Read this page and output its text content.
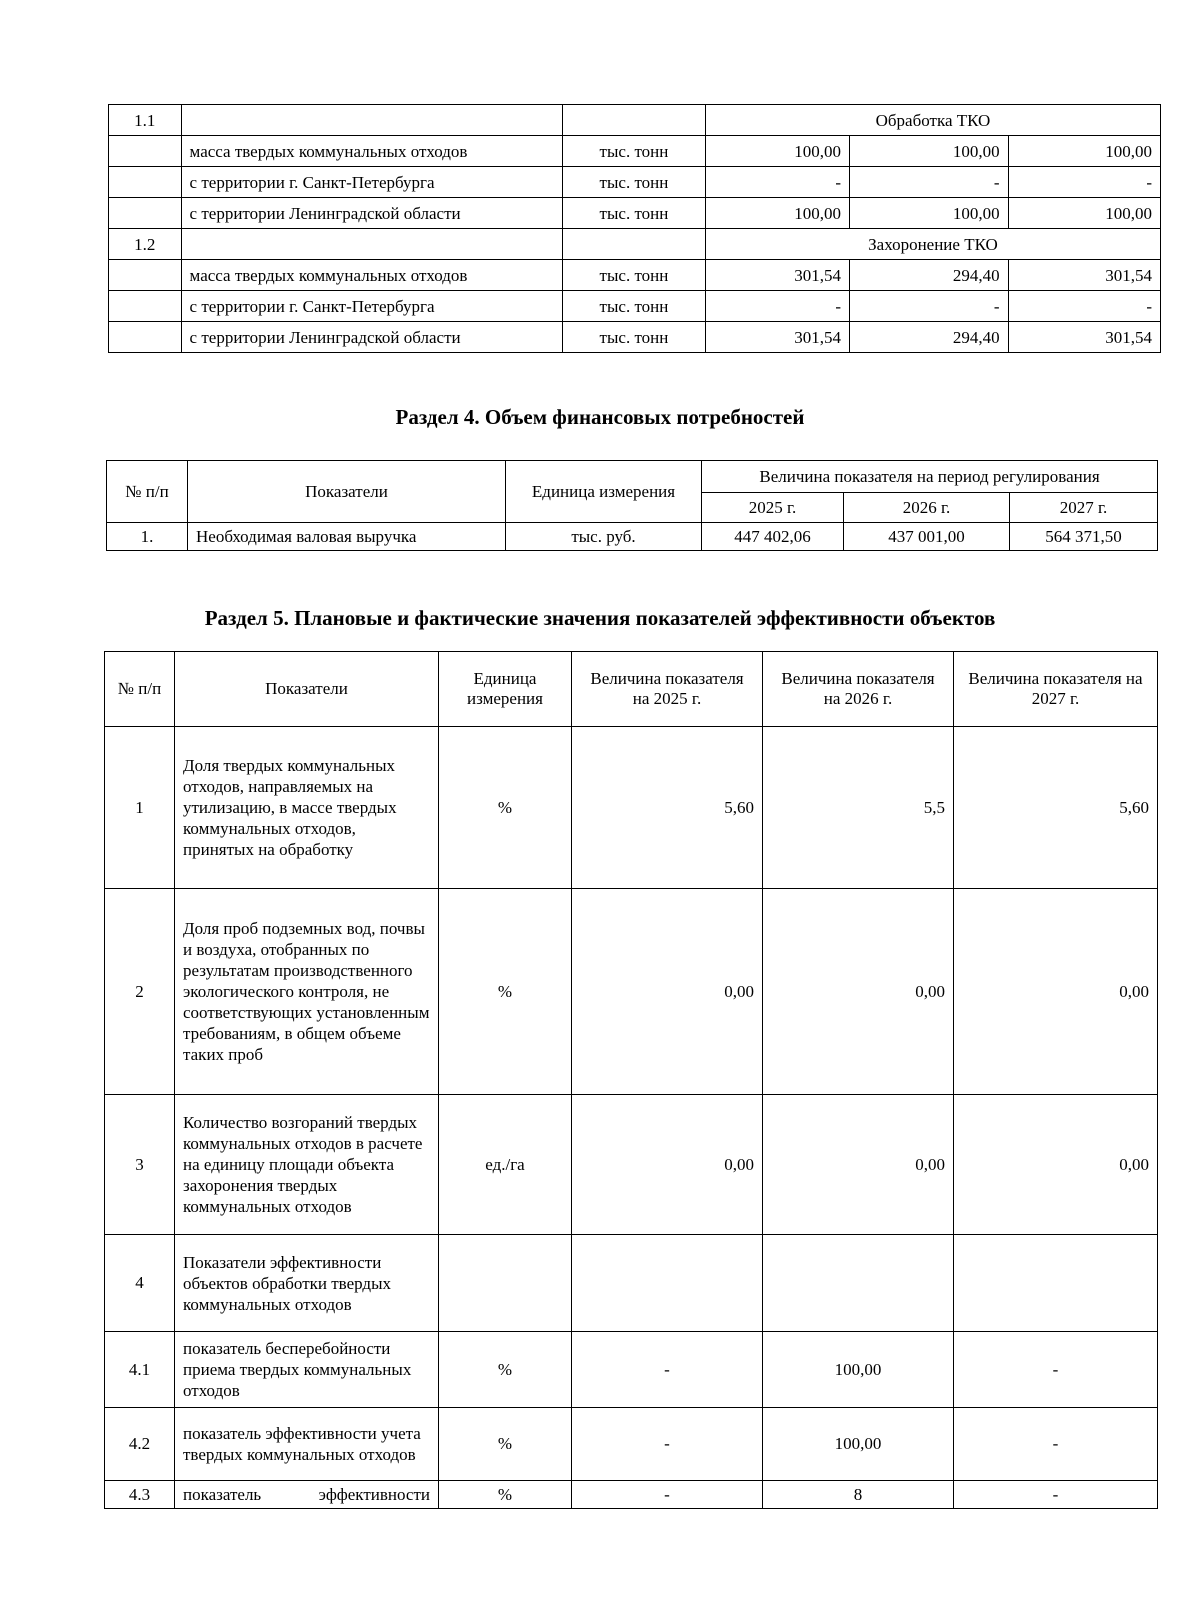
1.1			Обработка ТКО		
	масса твердых коммунальных отходов	тыс. тонн	100,00	100,00	100,00
	с территории г. Санкт-Петербурга	тыс. тонн	-	-	-
	с территории Ленинградской области	тыс. тонн	100,00	100,00	100,00
1.2			Захоронение ТКО		
	масса твердых коммунальных отходов	тыс. тонн	301,54	294,40	301,54
	с территории г. Санкт-Петербурга	тыс. тонн	-	-	-
	с территории Ленинградской области	тыс. тонн	301,54	294,40	301,54
Раздел 4. Объем финансовых потребностей
№ п/п	Показатели	Единица измерения	Величина показателя на период регулирования		
			2025 г.	2026 г.	2027 г.
1.	Необходимая валовая выручка	тыс. руб.	447 402,06	437 001,00	564 371,50
Раздел 5. Плановые и фактические значения показателей эффективности объектов
№ п/п	Показатели	Единица измерения	Величина показателя на 2025 г.	Величина показателя на 2026 г.	Величина показателя на 2027 г.
1	Доля твердых коммунальных отходов, направляемых на утилизацию, в массе твердых коммунальных отходов, принятых на обработку	%	5,60	5,5	5,60
2	Доля проб подземных вод, почвы и воздуха, отобранных по результатам производственного экологического контроля, не соответствующих установленным требованиям, в общем объеме таких проб	%	0,00	0,00	0,00
3	Количество возгораний твердых коммунальных отходов в расчете на единицу площади объекта захоронения твердых коммунальных отходов	ед./га	0,00	0,00	0,00
4	Показатели эффективности объектов обработки твердых коммунальных отходов				
4.1	показатель бесперебойности приема твердых коммунальных отходов	%	-	100,00	-
4.2	показатель эффективности учета твердых коммунальных отходов	%	-	100,00	-
4.3	показатель эффективности	%	-	8	-
